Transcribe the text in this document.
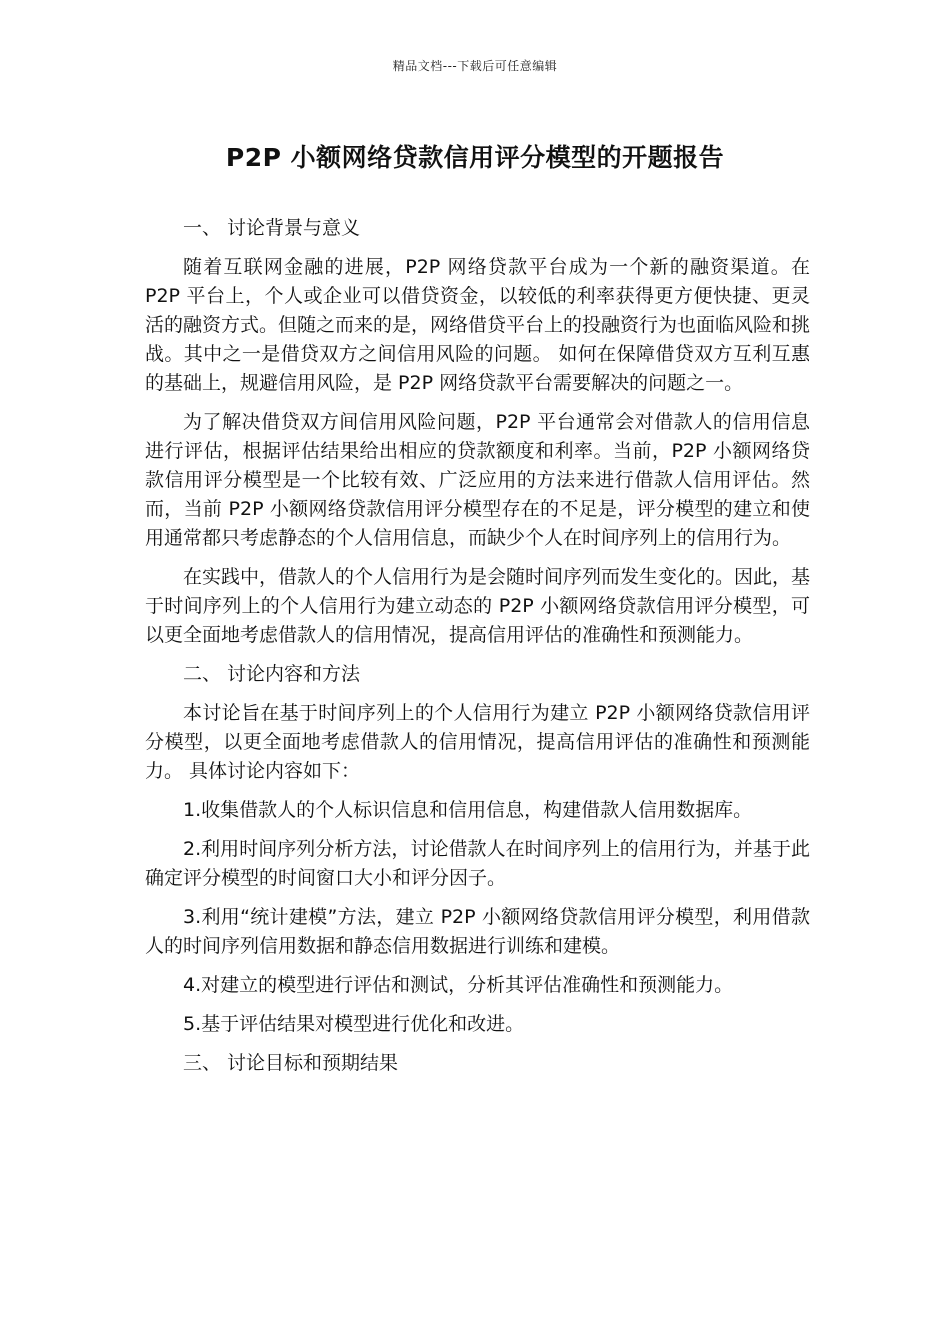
精品文档---下载后可任意编辑
P2P 小额网络贷款信用评分模型的开题报告

一、 讨论背景与意义

随着互联网金融的进展，P2P 网络贷款平台成为一个新的融资渠道。在 P2P 平台上，个人或企业可以借贷资金，以较低的利率获得更方便快捷、更灵活的融资方式。但随之而来的是，网络借贷平台上的投融资行为也面临风险和挑战。其中之一是借贷双方之间信用风险的问题。 如何在保障借贷双方互利互惠的基础上，规避信用风险，是 P2P 网络贷款平台需要解决的问题之一。

为了解决借贷双方间信用风险问题，P2P 平台通常会对借款人的信用信息进行评估，根据评估结果给出相应的贷款额度和利率。当前，P2P 小额网络贷款信用评分模型是一个比较有效、广泛应用的方法来进行借款人信用评估。然而，当前 P2P 小额网络贷款信用评分模型存在的不足是，评分模型的建立和使用通常都只考虑静态的个人信用信息，而缺少个人在时间序列上的信用行为。

在实践中，借款人的个人信用行为是会随时间序列而发生变化的。因此，基于时间序列上的个人信用行为建立动态的 P2P 小额网络贷款信用评分模型，可以更全面地考虑借款人的信用情况，提高信用评估的准确性和预测能力。

二、 讨论内容和方法

本讨论旨在基于时间序列上的个人信用行为建立 P2P 小额网络贷款信用评分模型，以更全面地考虑借款人的信用情况，提高信用评估的准确性和预测能力。 具体讨论内容如下：

1.收集借款人的个人标识信息和信用信息，构建借款人信用数据库。

2.利用时间序列分析方法，讨论借款人在时间序列上的信用行为，并基于此确定评分模型的时间窗口大小和评分因子。

3.利用“统计建模”方法，建立 P2P 小额网络贷款信用评分模型，利用借款人的时间序列信用数据和静态信用数据进行训练和建模。

4.对建立的模型进行评估和测试，分析其评估准确性和预测能力。

5.基于评估结果对模型进行优化和改进。

三、 讨论目标和预期结果
